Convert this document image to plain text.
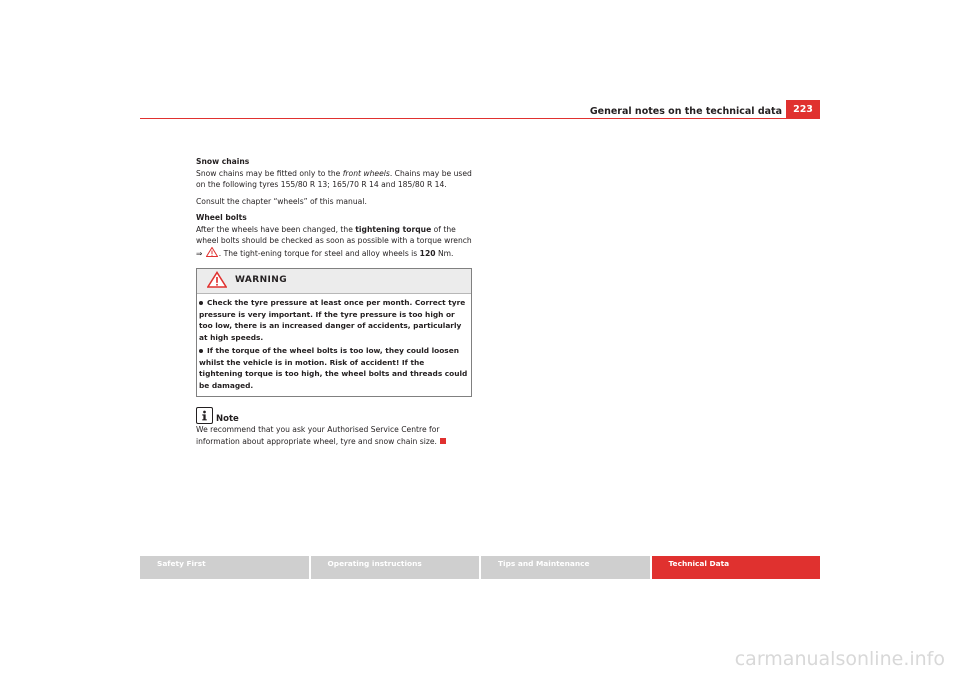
General notes on the technical data	223
Snow chains

Snow chains may be fitted only to the front wheels. Chains may be used on the following tyres 155/80 R 13; 165/70 R 14 and 185/80 R 14.

Consult the chapter “wheels” of this manual.

Wheel bolts

After the wheels have been changed, the tightening torque of the wheel bolts should be checked as soon as possible with a torque wrench ⇒ . The tight-ening torque for steel and alloy wheels is 120 Nm.

WARNING
Check the tyre pressure at least once per month. Correct tyre pressure is very important. If the tyre pressure is too high or too low, there is an increased danger of accidents, particularly at high speeds.
If the torque of the wheel bolts is too low, they could loosen whilst the vehicle is in motion. Risk of accident! If the tightening torque is too high, the wheel bolts and threads could be damaged.
Note

We recommend that you ask your Authorised Service Centre for information about appropriate wheel, tyre and snow chain size.

Safety First	Operating instructions	Tips and Maintenance	Technical Data
carmanualsonline.info
